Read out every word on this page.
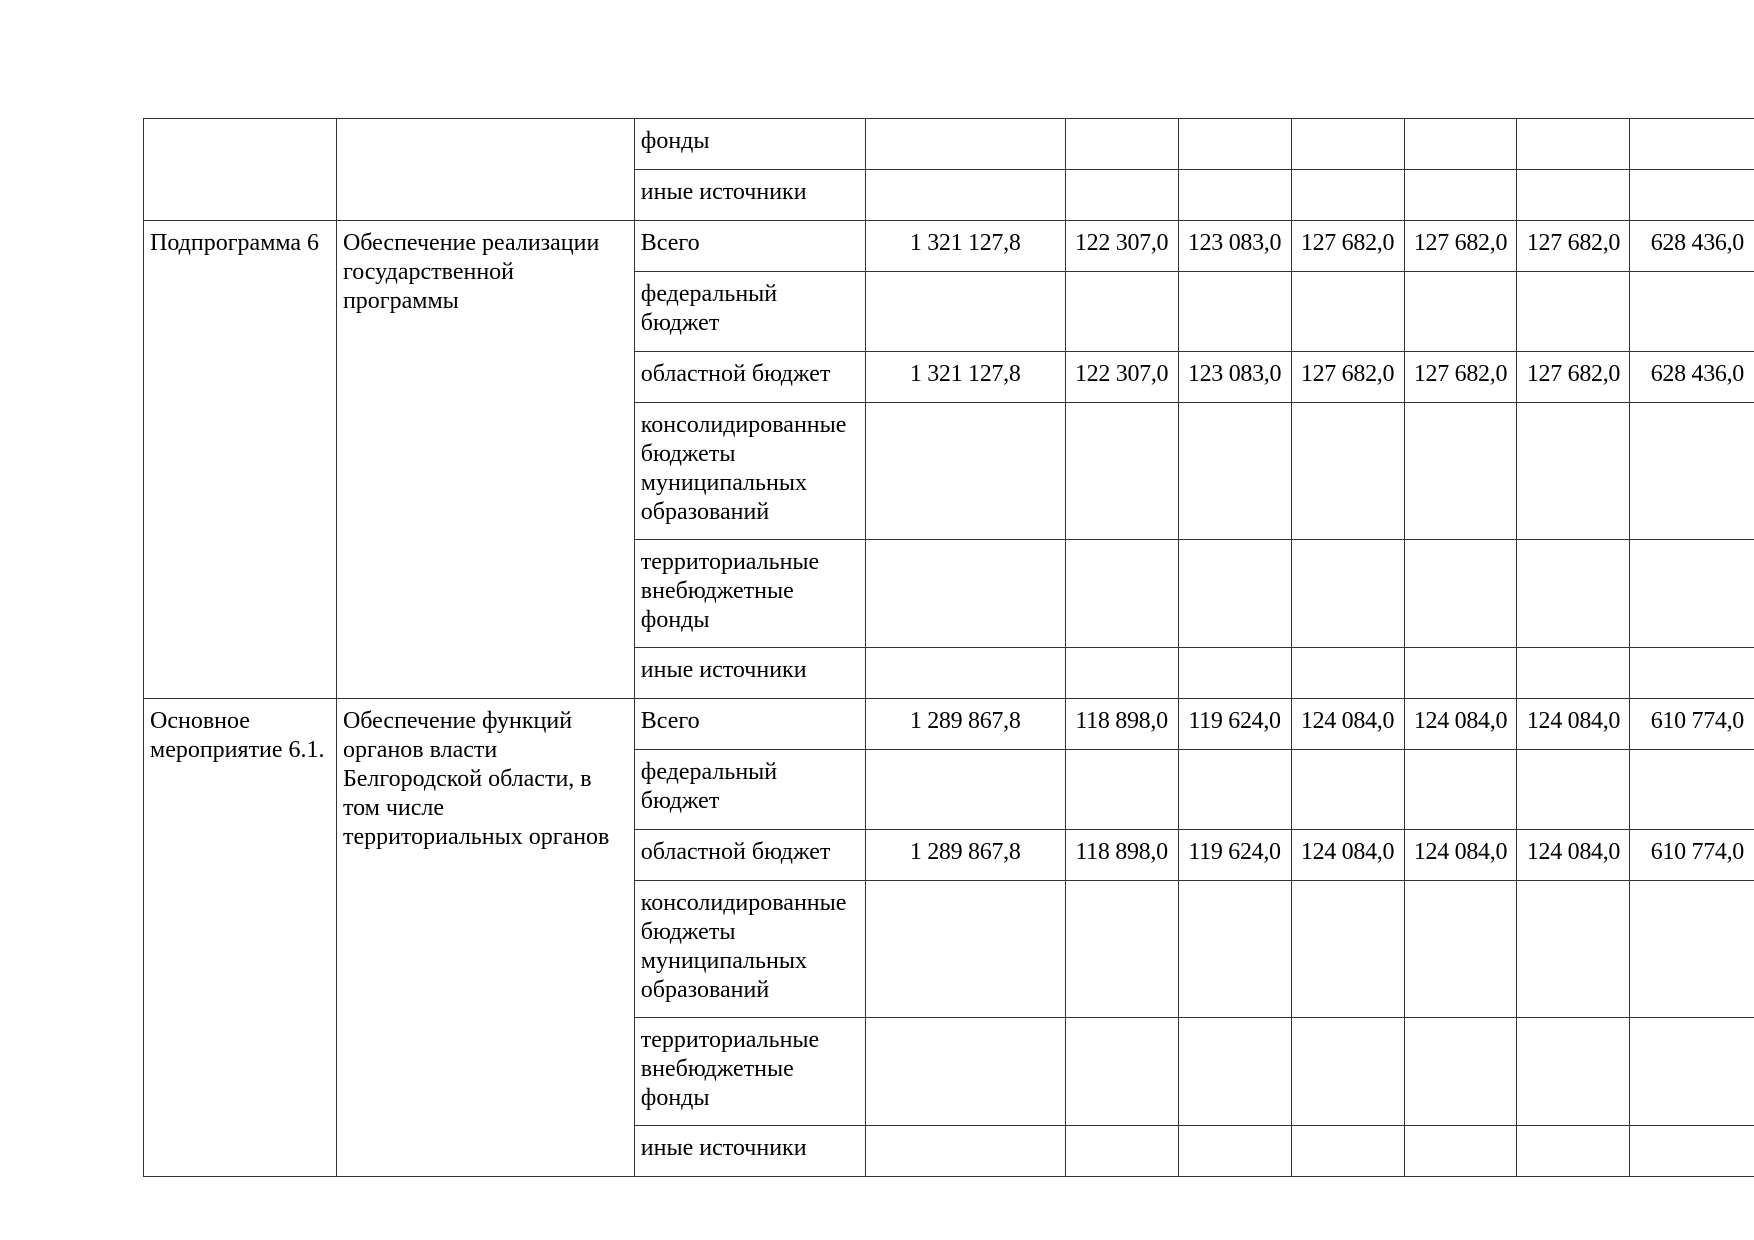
		фонды							
		иные источники							
Подпрограмма 6	Обеспечение реализации государственной программы	Всего	1 321 127,8	122 307,0	123 083,0	127 682,0	127 682,0	127 682,0	628 436,0
		федеральный бюджет							
		областной бюджет	1 321 127,8	122 307,0	123 083,0	127 682,0	127 682,0	127 682,0	628 436,0
		консолидированные бюджеты муниципальных образований							
		территориальные внебюджетные фонды							
		иные источники							
Основное мероприятие 6.1.	Обеспечение функций органов власти Белгородской области, в том числе территориальных органов	Всего	1 289 867,8	118 898,0	119 624,0	124 084,0	124 084,0	124 084,0	610 774,0
		федеральный бюджет							
		областной бюджет	1 289 867,8	118 898,0	119 624,0	124 084,0	124 084,0	124 084,0	610 774,0
		консолидированные бюджеты муниципальных образований							
		территориальные внебюджетные фонды							
		иные источники							
